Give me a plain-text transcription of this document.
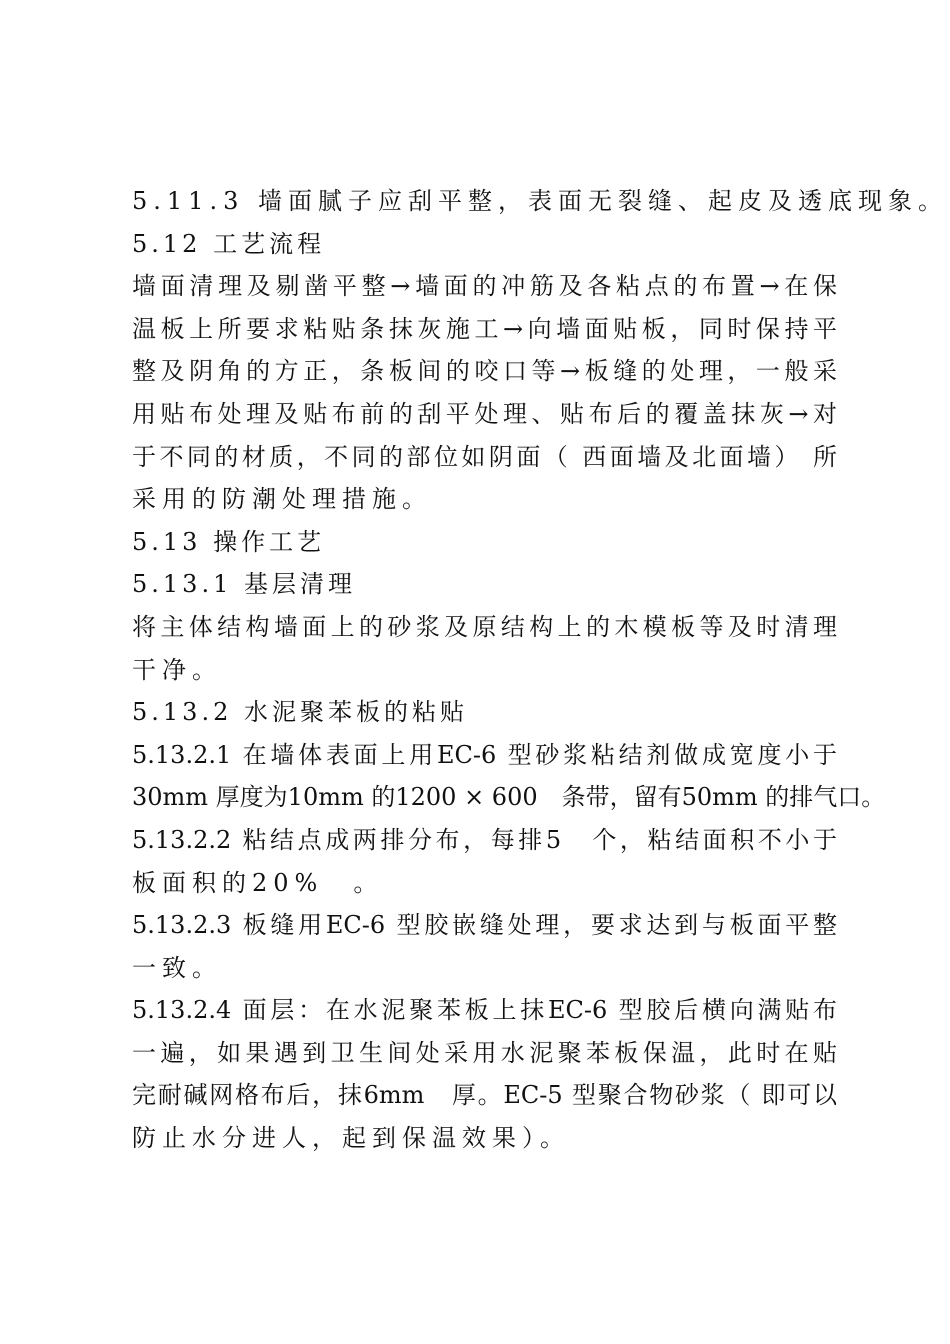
5.11.3 墙面腻子应刮平整，表面无裂缝、起皮及透底现象。
5.12 工艺流程
墙面清理及剔凿平整→墙面的冲筋及各粘点的布置→在保
温板上所要求粘贴条抹灰施工→向墙面贴板，同时保持平
整及阴角的方正，条板间的咬口等→板缝的处理，一般采
用贴布处理及贴布前的刮平处理、贴布后的覆盖抹灰→对
于不同的材质，不同的部位如阴面（ 西面墙及北面墙） 所
采用的防潮处理措施。
5.13 操作工艺
5.13.1 基层清理
将主体结构墙面上的砂浆及原结构上的木模板等及时清理
干净。
5.13.2 水泥聚苯板的粘贴
5.13.2.1 在墙体表面上用EC-6 型砂浆粘结剂做成宽度小于
30mm 厚度为10mm 的1200 × 600　条带，留有50mm 的排气口。
5.13.2.2 粘结点成两排分布，每排5　个，粘结面积不小于
板面积的20%　。
5.13.2.3 板缝用EC-6 型胶嵌缝处理，要求达到与板面平整
一致。
5.13.2.4 面层：在水泥聚苯板上抹EC-6 型胶后横向满贴布
一遍，如果遇到卫生间处采用水泥聚苯板保温，此时在贴
完耐碱网格布后，抹6mm　厚。EC-5 型聚合物砂浆（ 即可以
防止水分进人，起到保温效果）。
